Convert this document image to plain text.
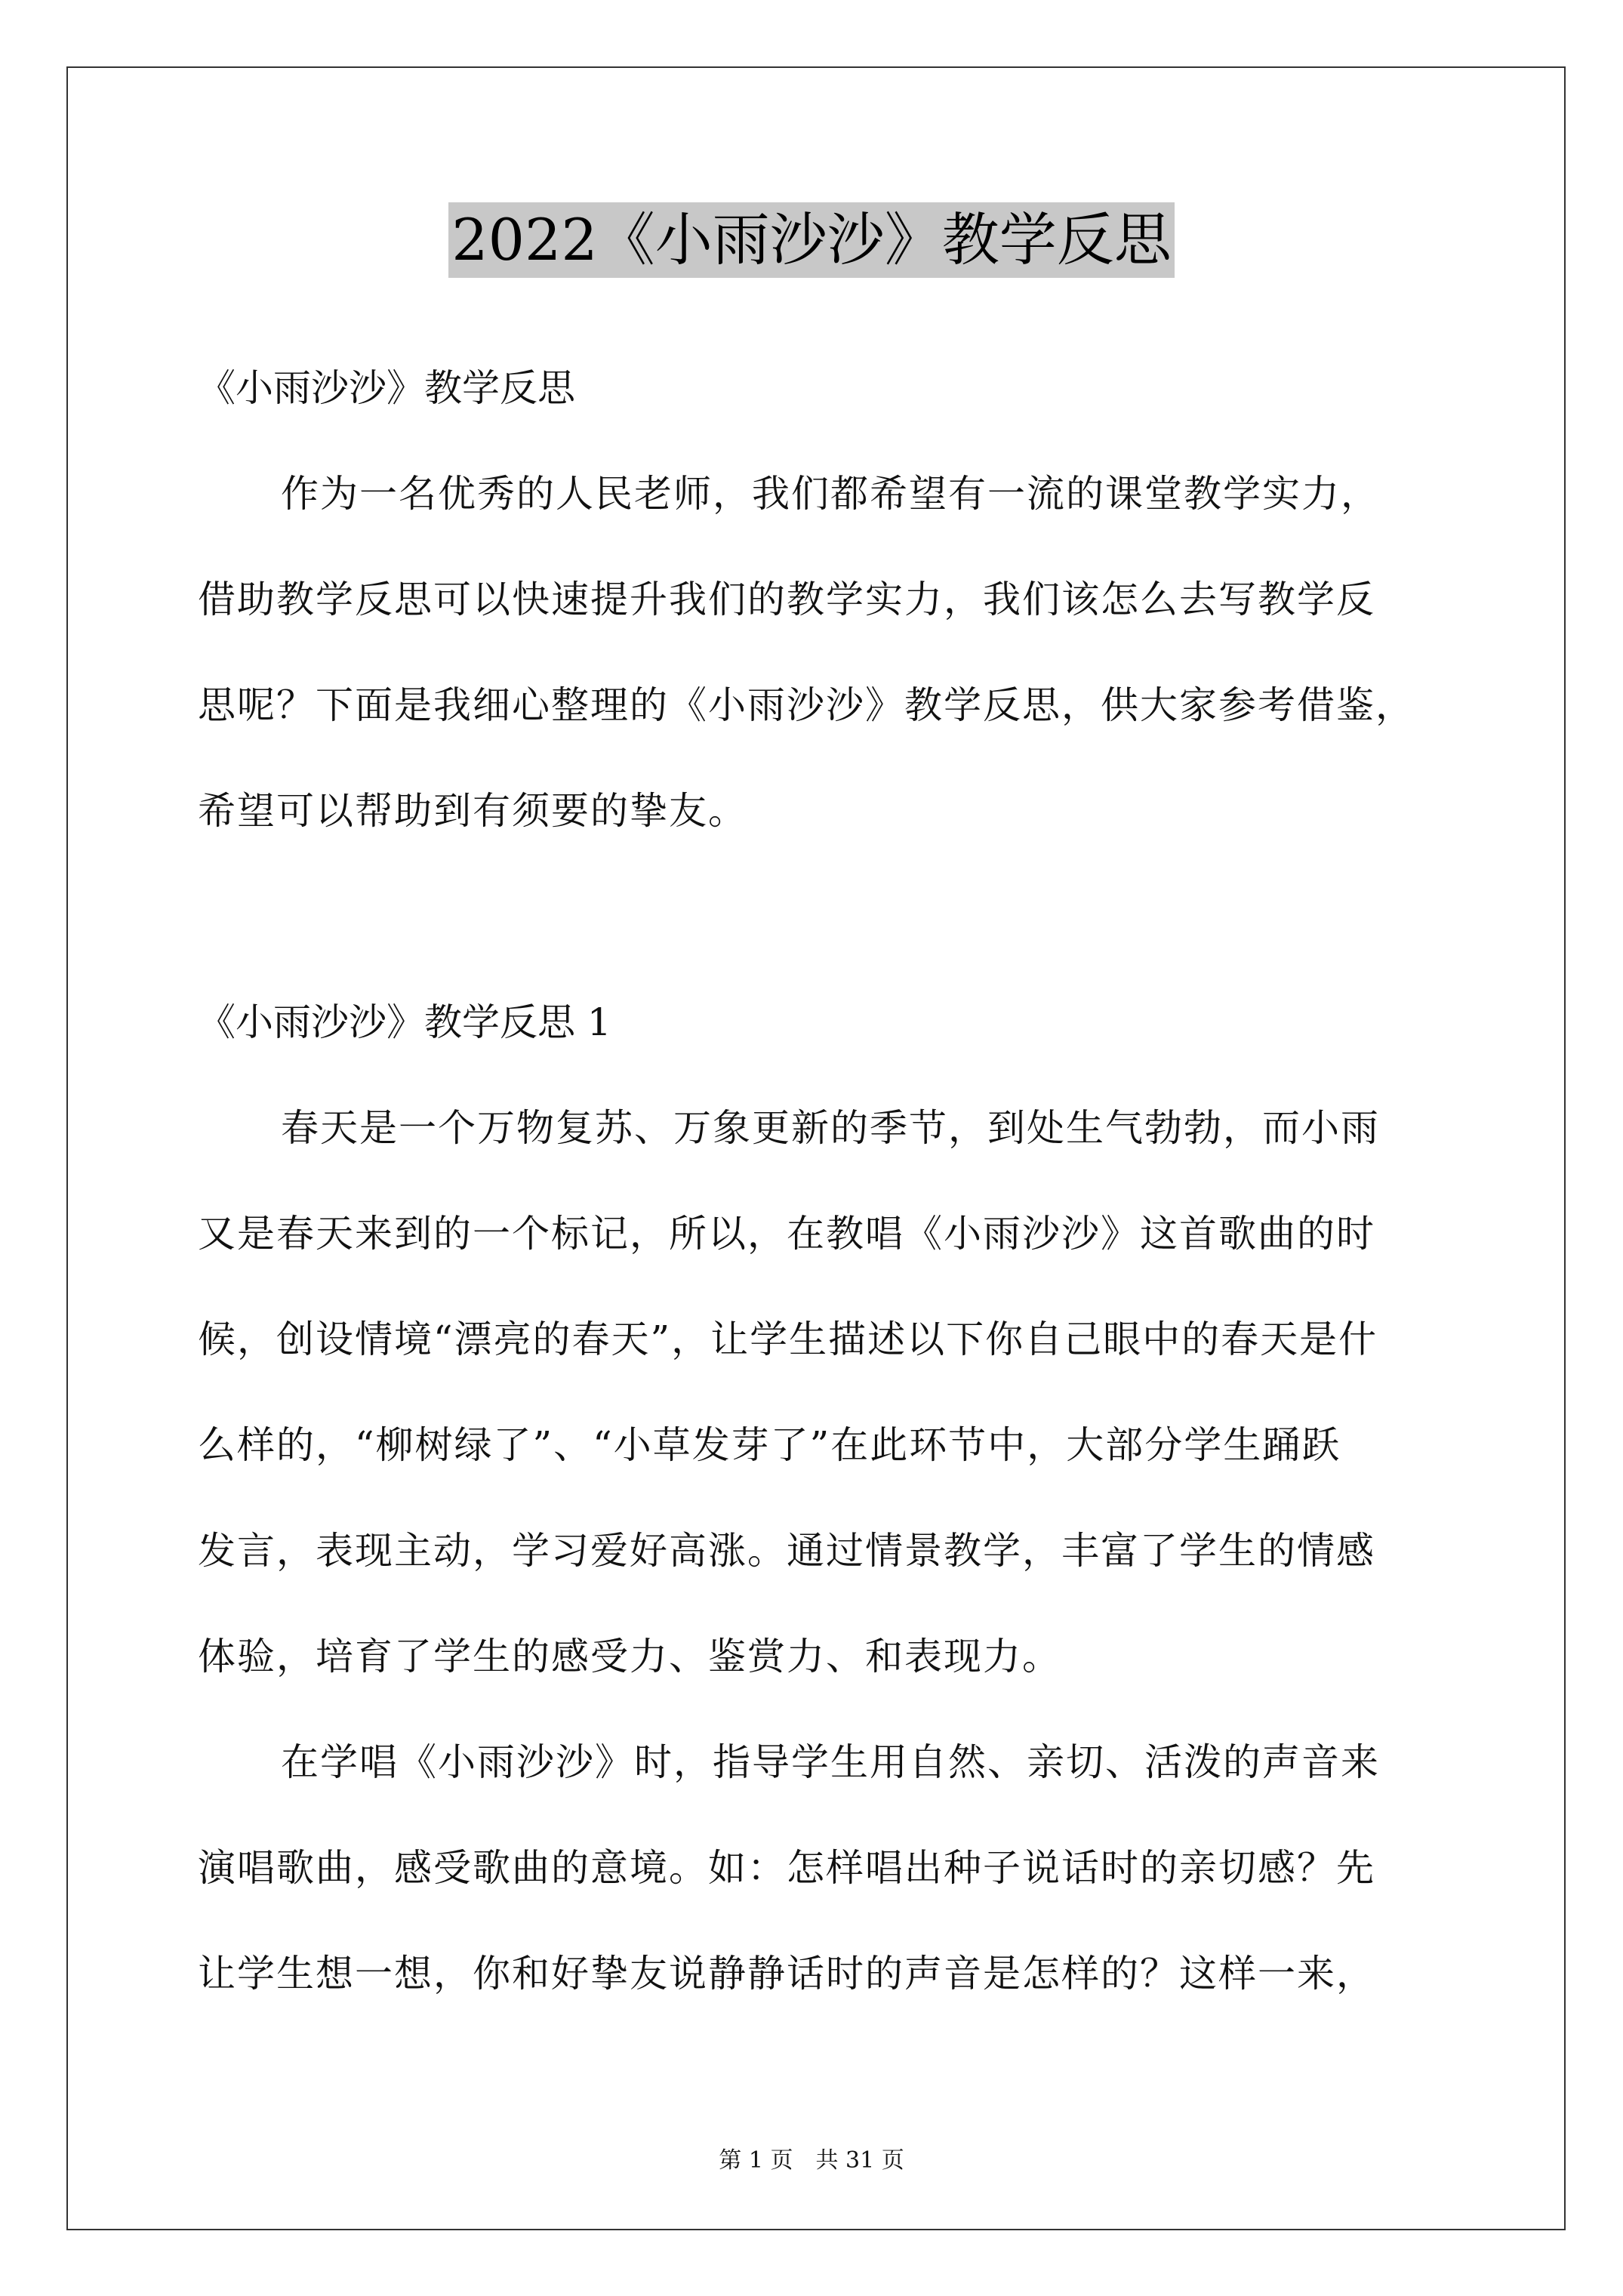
2022《小雨沙沙》教学反思
《小雨沙沙》教学反思
作为一名优秀的人民老师，我们都希望有一流的课堂教学实力，
借助教学反思可以快速提升我们的教学实力，我们该怎么去写教学反
思呢？下面是我细心整理的《小雨沙沙》教学反思，供大家参考借鉴，
希望可以帮助到有须要的挚友。
《小雨沙沙》教学反思 1
春天是一个万物复苏、万象更新的季节，到处生气勃勃，而小雨
又是春天来到的一个标记，所以，在教唱《小雨沙沙》这首歌曲的时
候，创设情境“漂亮的春天”，让学生描述以下你自己眼中的春天是什
么样的，“柳树绿了”、“小草发芽了”在此环节中，大部分学生踊跃
发言，表现主动，学习爱好高涨。通过情景教学，丰富了学生的情感
体验，培育了学生的感受力、鉴赏力、和表现力。
在学唱《小雨沙沙》时，指导学生用自然、亲切、活泼的声音来
演唱歌曲，感受歌曲的意境。如：怎样唱出种子说话时的亲切感？先
让学生想一想，你和好挚友说静静话时的声音是怎样的？这样一来，
第 1 页　共 31 页
